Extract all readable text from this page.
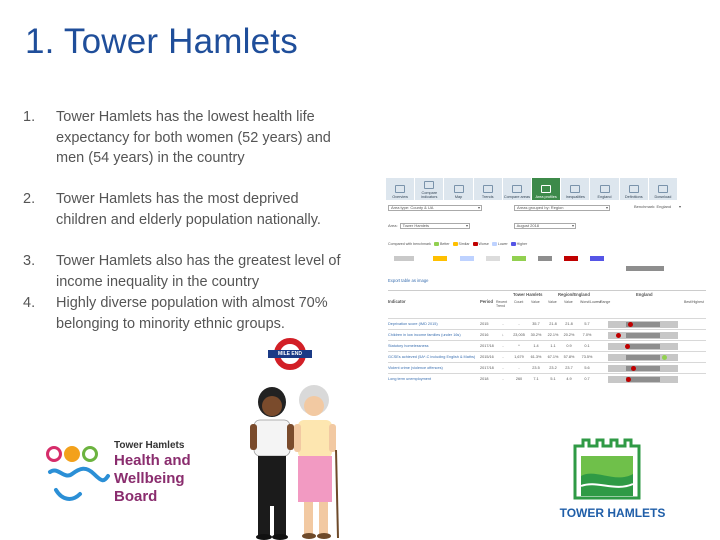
1. Tower Hamlets
1. Tower Hamlets has the lowest health life expectancy for both women (52 years) and men (54 years) in the country
2. Tower Hamlets has the most deprived children and elderly population nationally.
3. Tower Hamlets also has the greatest level of income inequality in the country
4. Highly diverse population with almost 70% belonging to minority ethnic groups.
Overview
Compare indicators	Map	Trends	Compare areas Area profiles Inequalities	England	Definitions	Download
Area type: County & UA	Areas grouped by: Region	Benchmark: England
Area:	Tower Hamlets	August 2018
Compared with benchmark	Better	Similar	Worse	Lower	Higher
Export table as image
Indicator	Period
Tower Hamlets	Region/England	England
Recent Trend
Count Value Value Value Worst/Lowest
Range	Best/Highest
Deprivation score (IMD 2015)	2015	-	-	35.7	21.8	21.8	5.7
Children in low income families (under 16s)	2016	↓	23,005	30.2%	22.1%	20.2%	7.0%
Statutory homelessness	2017/18	-	*	1.4	1.1	0.9	0.1
GCSEs achieved (5A*-C including English & Maths) 2015/16	-	1,679	61.3%	67.1%	57.8%	73.5%
Violent crime (violence offences)	2017/18	-	-	23.5	23.2	23.7	5.6
Long term unemployment	2018	-	260	7.1	5.1	4.9	0.7
MILE END
Tower Hamlets
Health and Wellbeing Board
TOWER HAMLETS
